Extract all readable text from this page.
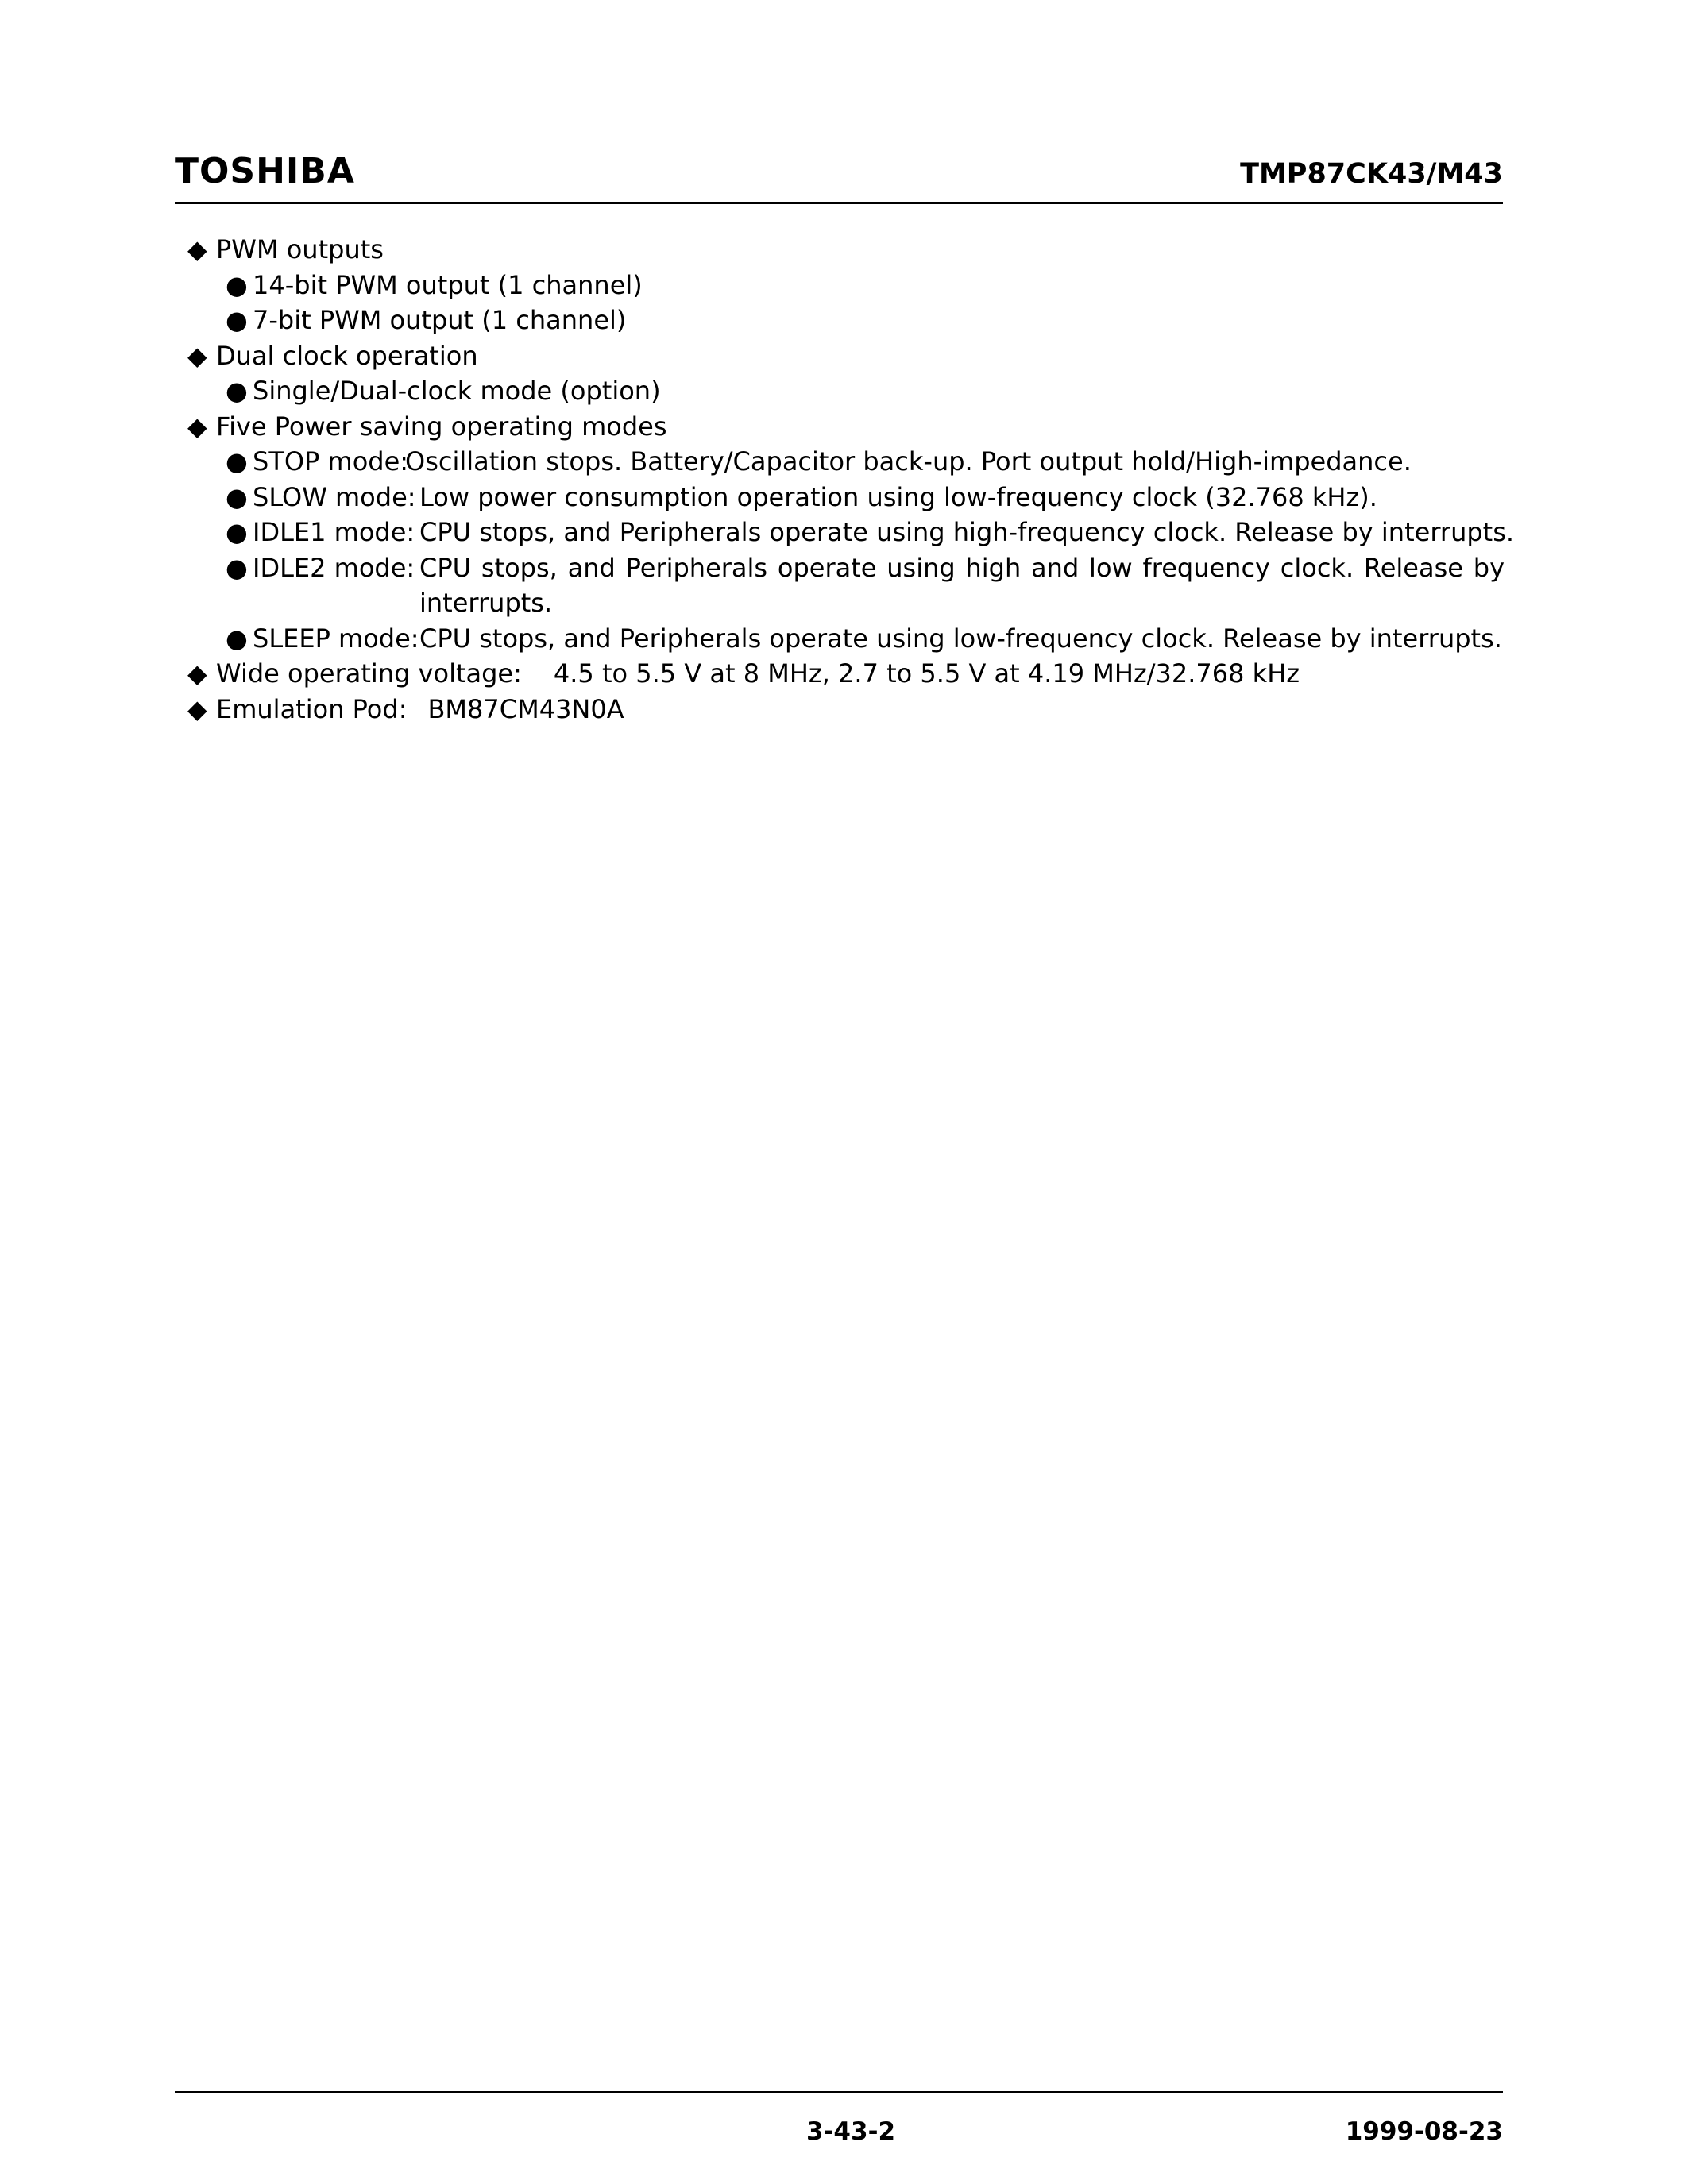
TOSHIBA	TMP87CK43/M43
◆ PWM outputs
● 14-bit PWM output (1 channel)
● 7-bit PWM output (1 channel)
◆ Dual clock operation
● Single/Dual-clock mode (option)
◆ Five Power saving operating modes
● STOP mode:
Oscillation stops. Battery/Capacitor back-up. Port output hold/High-impedance.
● SLOW mode: Low power consumption operation using low-frequency clock (32.768 kHz).
● IDLE1 mode: CPU stops, and Peripherals operate using high-frequency clock. Release by interrupts.
● IDLE2 mode: CPU stops, and Peripherals operate using high and low frequency clock. Release by interrupts.
● SLEEP mode: CPU stops, and Peripherals operate using low-frequency clock. Release by interrupts.
◆ Wide operating voltage: 4.5 to 5.5 V at 8 MHz, 2.7 to 5.5 V at 4.19 MHz/32.768 kHz
◆ Emulation Pod: BM87CM43N0A
3-43-2	1999-08-23
